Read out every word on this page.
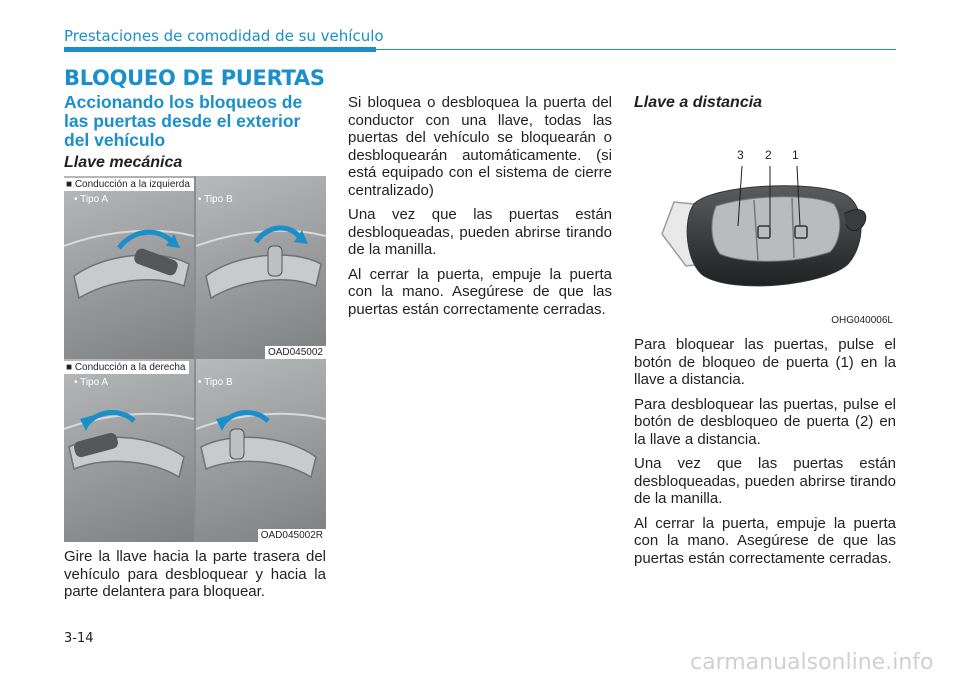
Prestaciones de comodidad de su vehículo
BLOQUEO DE PUERTAS
Accionando los bloqueos de las puertas desde el exterior del vehículo
Llave mecánica
• Tipo A	• Tipo B
■ Conducción a la izquierda
OAD045002
• Tipo A	• Tipo B
■ Conducción a la derecha
OAD045002R

Gire la llave hacia la parte trasera del vehículo para desbloquear y hacia la parte delantera para bloquear.

Si bloquea o desbloquea la puerta del conductor con una llave, todas las puertas del vehículo se bloquearán o desbloquearán automáticamente. (si está equipado con el sistema de cierre centralizado)

Una vez que las puertas están desbloqueadas, pueden abrirse tirando de la manilla.

Al cerrar la puerta, empuje la puerta con la mano. Asegúrese de que las puertas están correctamente cerradas.

Llave a distancia
3 2 1
OHG040006L

Para bloquear las puertas, pulse el botón de bloqueo de puerta (1) en la llave a distancia.

Para desbloquear las puertas, pulse el botón de desbloqueo de puerta (2) en la llave a distancia.

Una vez que las puertas están desbloqueadas, pueden abrirse tirando de la manilla.

Al cerrar la puerta, empuje la puerta con la mano. Asegúrese de que las puertas están correctamente cerradas.

3-14
carmanualsonline.info
